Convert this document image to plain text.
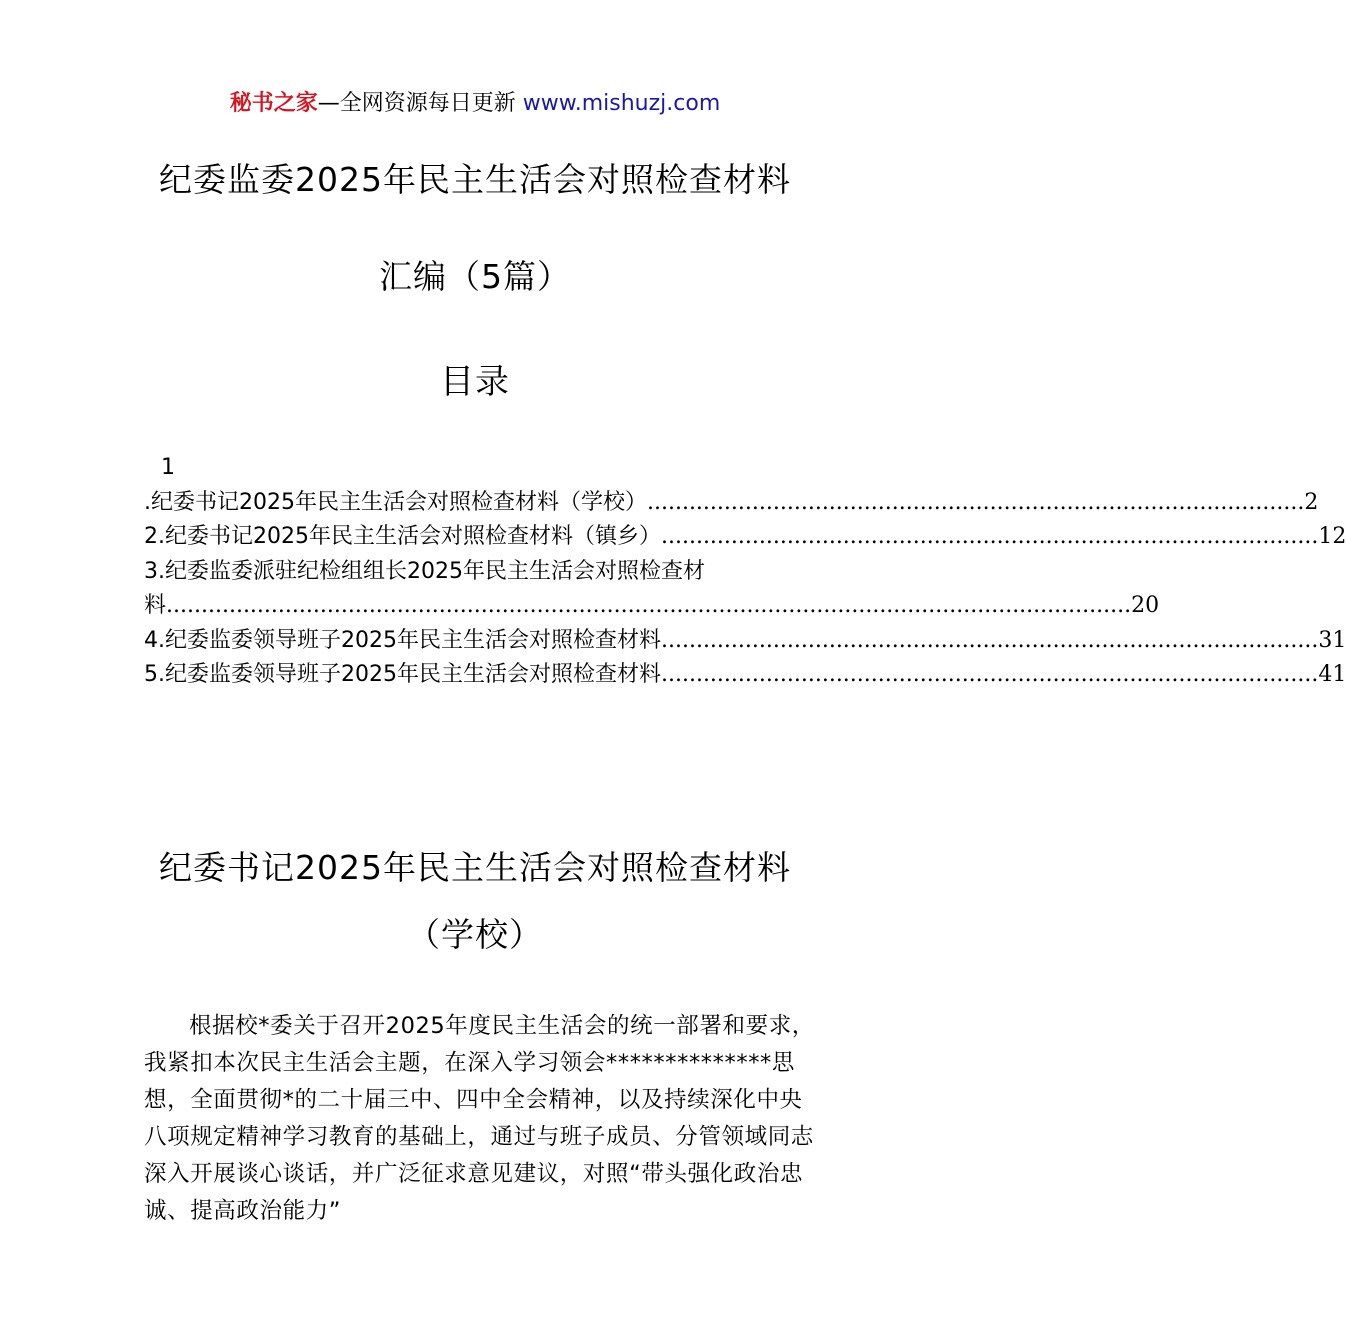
秘书之家—全网资源每日更新 www.mishuzj.com
纪委监委2025年民主生活会对照检查材料
汇编（5篇）
目录
1
.纪委书记2025年民主生活会对照检查材料（学校） .............................................................................................. 2
2.纪委书记2025年民主生活会对照检查材料（镇乡） .............................................................................................. 12
3.纪委监委派驻纪检组组长2025年民主生活会对照检查材
料 .......................................................................................................................................... 20
4.纪委监委领导班子2025年民主生活会对照检查材料 .............................................................................................. 31
5.纪委监委领导班子2025年民主生活会对照检查材料 .............................................................................................. 41
纪委书记2025年民主生活会对照检查材料
（学校）
根据校*委关于召开2025年度民主生活会的统一部署和要求，我紧扣本次民主生活会主题，在深入学习领会**************思想，全面贯彻*的二十届三中、四中全会精神，以及持续深化中央八项规定精神学习教育的基础上，通过与班子成员、分管领域同志深入开展谈心谈话，并广泛征求意见建议，对照“带头强化政治忠诚、提高政治能力”
